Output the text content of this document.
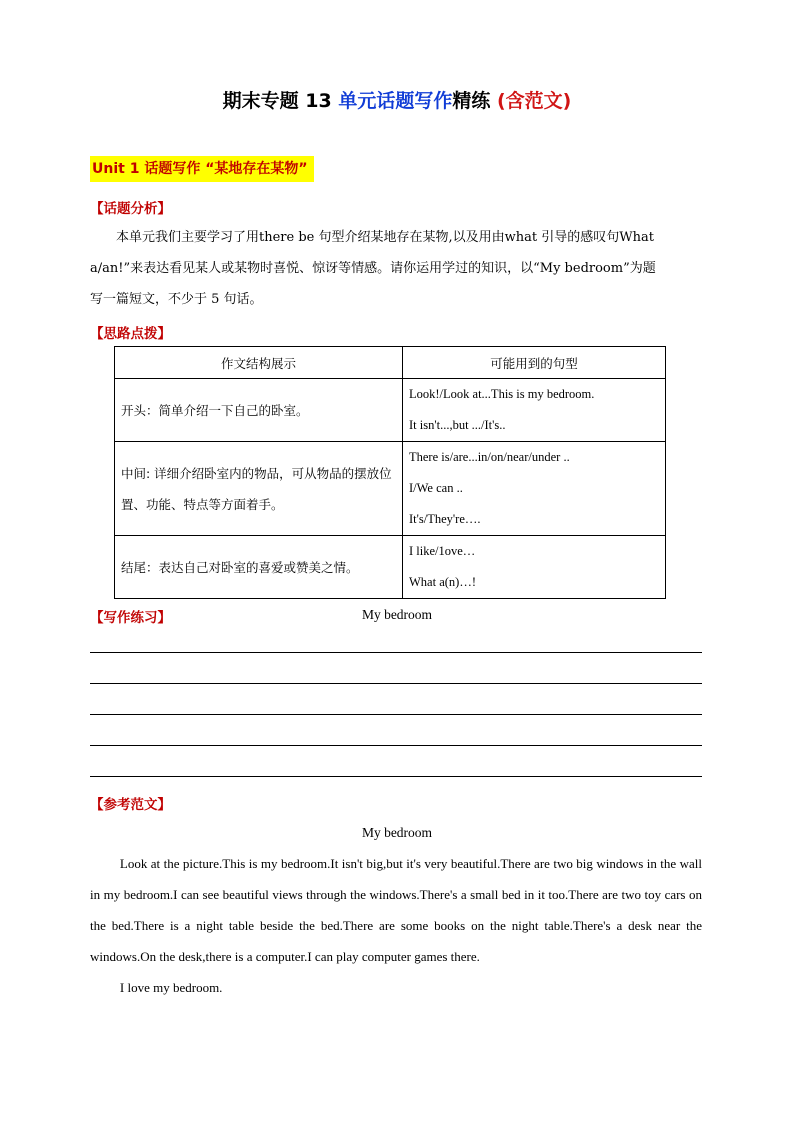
期末专题 13 单元话题写作精练 (含范文)
Unit 1 话题写作 “某地存在某物”
【话题分析】
本单元我们主要学习了用there be 句型介绍某地存在某物,以及用由what 引导的感叹句What
a/an!”来表达看见某人或某物时喜悦、惊讶等情感。请你运用学过的知识，以“My bedroom”为题
写一篇短文，不少于 5 句话。
【思路点拨】
作文结构展示	可能用到的句型
开头：简单介绍一下自己的卧室。	Look!/Look at...This is my bedroom.
It isn't...,but .../It's..

中间: 详细介绍卧室内的物品，可从物品的摆放位置、功能、特点等方面着手。	There is/are...in/on/near/under ..
I/We can ..
It's/They're….

结尾：表达自己对卧室的喜爱或赞美之情。	I like/1ove…
What a(n)…!
【写作练习】	My bedroom
【参考范文】
My bedroom

Look at the picture.This is my bedroom.It isn't big,but it's very beautiful.There are two big windows in the wall in my bedroom.I can see beautiful views through the windows.There's a small bed in it too.There are two toy cars on the bed.There is a night table beside the bed.There are some books on the night table.There's a desk near the windows.On the desk,there is a computer.I can play computer games there.

I love my bedroom.
